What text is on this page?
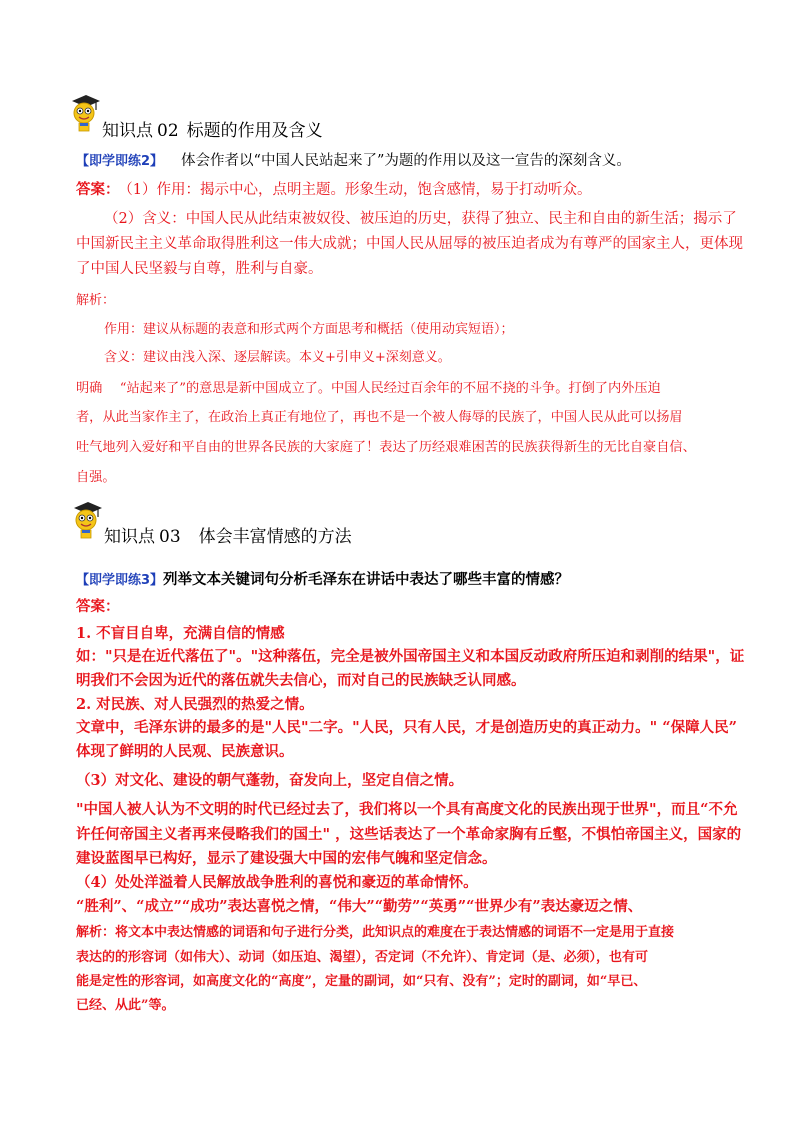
知识点 02 标题的作用及含义
【即学即练2】 体会作者以“中国人民站起来了”为题的作用以及这一宣告的深刻含义。
答案： （1）作用：揭示中心，点明主题。形象生动，饱含感情，易于打动听众。
（2）含义：中国人民从此结束被奴役、被压迫的历史，获得了独立、民主和自由的新生活；揭示了
中国新民主主义革命取得胜利这一伟大成就；中国人民从屈辱的被压迫者成为有尊严的国家主人，更体现
了中国人民坚毅与自尊，胜利与自豪。
解析：
作用：建议从标题的表意和形式两个方面思考和概括（使用动宾短语）；
含义：建议由浅入深、逐层解读。本义+引申义+深刻意义。
明确　 “站起来了”的意思是新中国成立了。中国人民经过百余年的不屈不挠的斗争。打倒了内外压迫
者，从此当家作主了，在政治上真正有地位了，再也不是一个被人侮辱的民族了，中国人民从此可以扬眉
吐气地列入爱好和平自由的世界各民族的大家庭了！表达了历经艰难困苦的民族获得新生的无比自豪自信、
自强。
知识点 03 体会丰富情感的方法
【即学即练3】列举文本关键词句分析毛泽东在讲话中表达了哪些丰富的情感？
答案：
1. 不盲目自卑，充满自信的情感
如："只是在近代落伍了"。"这种落伍，完全是被外国帝国主义和本国反动政府所压迫和剥削的结果"，证
明我们不会因为近代的落伍就失去信心，而对自己的民族缺乏认同感。
2. 对民族、对人民强烈的热爱之情。
文章中，毛泽东讲的最多的是"人民"二字。"人民，只有人民，才是创造历史的真正动力。" “保障人民”
体现了鲜明的人民观、民族意识。
（3）对文化、建设的朝气蓬勃，奋发向上，坚定自信之情。
"中国人被人认为不文明的时代已经过去了，我们将以一个具有高度文化的民族出现于世界"，而且“不允
许任何帝国主义者再来侵略我们的国土" ，这些话表达了一个革命家胸有丘壑，不惧怕帝国主义，国家的
建设蓝图早已构好，显示了建设强大中国的宏伟气魄和坚定信念。
（4）处处洋溢着人民解放战争胜利的喜悦和豪迈的革命情怀。
“胜利”、“成立”“成功”表达喜悦之情，“伟大”“勤劳”“英勇”“世界少有”表达豪迈之情、
解析：将文本中表达情感的词语和句子进行分类，此知识点的难度在于表达情感的词语不一定是用于直接
表达的的形容词（如伟大）、动词（如压迫、渴望），否定词（不允许）、肯定词（是、必须），也有可
能是定性的形容词，如高度文化的“高度”，定量的副词，如“只有、没有”；定时的副词，如“早已、
已经、从此”等。
